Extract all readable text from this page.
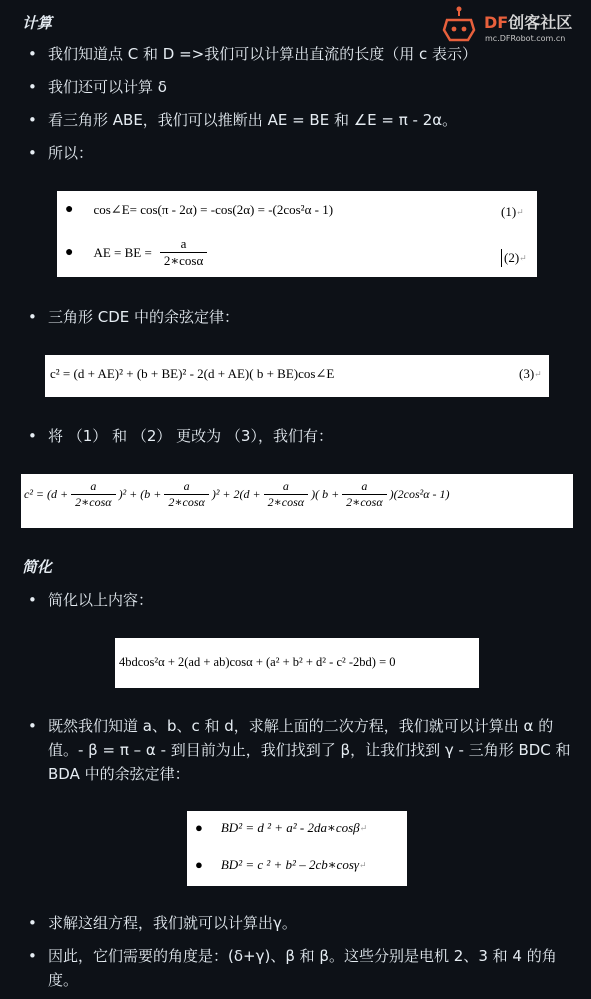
DF创客社区
mc.DFRobot.com.cn
计算
• 我们知道点 C 和 D =>我们可以计算出直流的长度（用 c 表示）
• 我们还可以计算 δ
• 看三角形 ABE，我们可以推断出 AE = BE 和 ∠E = π - 2α。
• 所以：
● cos∠E= cos(π - 2α) = -cos(2α) = -(2cos²α - 1)	(1) ↵
● AE = BE = $\frac{a}{2∗\cos\alpha}$	(2) ↵
• 三角形 CDE 中的余弦定律：
c² = (d + AE)² + (b + BE)² - 2(d + AE)( b + BE)cos∠E	(3) ↵
• 将 （1） 和 （2） 更改为 （3），我们有：
$c^2 = (d + \frac{a}{2∗\cos\alpha} )^2 + (b + \frac{a}{2∗\cos\alpha} )^2 + 2(d + \frac{a}{2∗\cos\alpha}$ )( $b + \frac{a}{2∗\cos\alpha} )(2\cos^2\alpha - 1)$
简化
• 简化以上内容：
4bdcos²α + 2(ad + ab)cosα + (a² + b² + d² - c² -2bd) = 0
• 既然我们知道 a、b、c 和 d，求解上面的二次方程，我们就可以计算出 α 的值。- β = π – α - 到目前为止，我们找到了 β，让我们找到 γ - 三角形 BDC 和 BDA 中的余弦定律：
● BD² = d ² + a² - 2da∗cosβ ↵
● BD² = c ² + b² – 2cb∗cosγ ↵
• 求解这组方程，我们就可以计算出γ。
• 因此，它们需要的角度是：(δ+γ)、β 和 β。这些分别是电机 2、3 和 4 的角度。
